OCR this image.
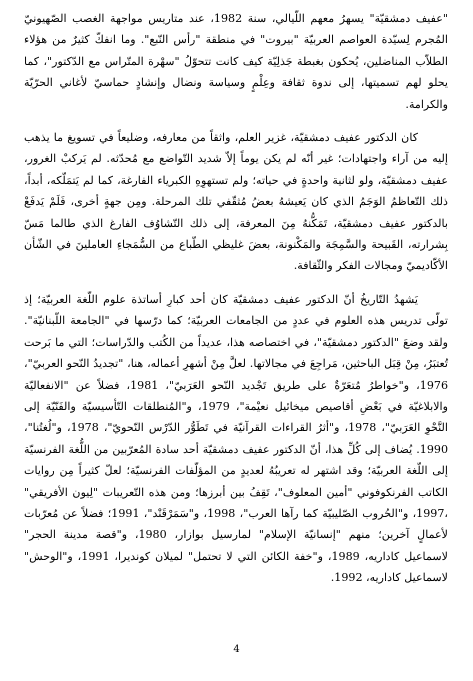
"عفيف دمشقيّة" يسهرُ معهم اللّيالي، سنة 1982، عند متاريس مواجهة الغصب الصّهيونيّ المُجرم لِسيّدة العواصم العربيّة "بيروت" في منطقة "رأس النّبع". وما انفكّ كثيرٌ من هؤلاء الطلاّب المناضلين، يُحكون بغبطة جَذلِيّة كيف كانت تتحوّلُ "سهْرة المتّراس مع الدّكتور"، كما يحلو لهم تسميتها، إلى ندوة ثقافة وعِلْمٍ وسياسة ونضال وإنشادٍ حماسيّ لأغاني الحرّيّة والكرامة.

كان الدكتور عفيف دمشقيّة، غزير العلم، واثقاً من معارفه، وضليعاً في تسويغ ما يذهب إليه من آراء واجتهادات؛ غير أنّه لم يكن يوماً إلاّ شديد التّواضع مع مُحدّثه. لم يَركبْ الغرور، عفيف دمشقيّة، ولو لثانية واحدةٍ في حياته؛ ولم تستهوِهِ الكبرياء الفارغة، كما لم يَتمَلّكه، أبداً، ذلك التّعاظمُ الوَجَمُ الذي كان يَعيشهُ بعضُ مُثقّفي تلك المرحلة. ومِن جهةٍ أخرى، فَلَمْ يَدفَعْ بالدكتور عفيف دمشقيّة، تَمَكُّنهُ مِنَ المعرفة، إلى ذلك التّشاوُف الفارغ الذي طالما مَسّ بِشرارته، القَبيحة والسَّمِجَة والمَكْنونة، بعضَ غليظي الطّباع من السُّمَجاءِ العاملينَ في الشّأن الأكّاديميّ ومجالات الفكر والثّقافة.

يَشهدُ التّاريخُ أنّ الدكتور عفيف دمشقيّة كان أحد كبارِ أساتذة علوم اللّغة العربيّة؛ إذ تولّى تدريس هذه العلوم في عددٍ من الجامعات العربيّة؛ كما درّسها في "الجامعة اللّبنانيّة". ولقد وضعَ "الدكتور دمشقيّة"، في اختصاصه هذا، عديداً من الكُتب والدّراسات؛ التي ما بَرحت تُعتبَرُ، مِنْ قِبَل الباحثين، مَراجِعَ في مجالاتها. لعلَّ مِنْ أشهرِ أعماله، هنا، "تجديدُ النّحو العربيّ"، 1976، و"خواطرُ مُتعَرّةٌ على طريق تَجْديد النّحو العَرَبيّ"، 1981، فضلاً عن "الانفعاليّة والابلاغيّة في بَعْضِ أقاصيص ميخائيل نعيْمة"، 1979، و"المُنطلقات التّأسيسيّة والفَنّيّة إلى النَّحْوِ العَرَبيّ"، 1978، و"أثرُ القراءات القرآنيّة في تَطَوُّر الدّرْس النّحويّ"، 1978، و"لُغتُنا"، 1990. يُضاف إلى كُلِّ هذا، أنّ الدكتور عفيف دمشقيّة أحد سادة المُعرّبين من اللُّغة الفرنسيّة إلى اللّغة العربيّة؛ وقد اشتهر له تعريبُهُ لعديدٍ من المؤلّفات الفرنسيّة؛ لعلّ كثيراً مِن روايات الكاتب الفرنكوفوني "أمين المعلوف"، تَقِفُ بين أبرزها؛ ومن هذه التّعريبات "لِيون الأفريقي" ،1997، و"الحُروب الصّليبيّة كما رآها العرب"، 1998، و"سَمَرْقَنْد"، 1991؛ فضلاً عن مُعرّبات لأعمالٍ آخرين؛ منهم "إنسانيّة الإسلام" لمارسيل بوازار، 1980، و"قصة مدينة الحجر" لاسماعيل كاداريه، 1989، و"خفة الكائن التي لا تحتمل" لميلان كونديرا، 1991، و"الوحش" لاسماعيل كاداريه، 1992.

4
